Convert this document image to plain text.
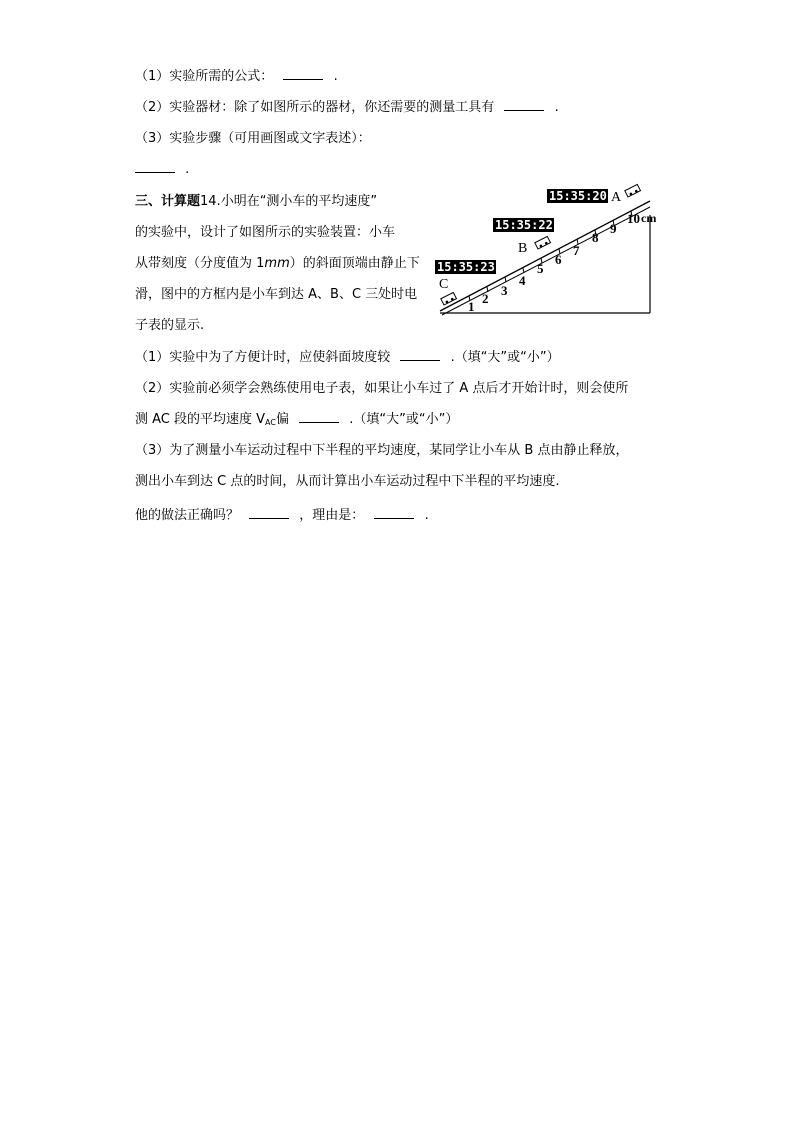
（1）实验所需的公式：	.
（2）实验器材：除了如图所示的器材，你还需要的测量工具有	.
（3）实验步骤（可用画图或文字表述）：
.
三、计算题14.小明在“测小车的平均速度”
的实验中，设计了如图所示的实验装置：小车
从带刻度（分度值为 1mm）的斜面顶端由静止下
滑，图中的方框内是小车到达 A、B、C 三处时电
子表的显示.
（1）实验中为了方便计时，应使斜面坡度较	.（填“大”或“小”）
（2）实验前必须学会熟练使用电子表，如果让小车过了 A 点后才开始计时，则会使所
测 AC 段的平均速度 $V_{AC}$偏	.（填“大”或“小”）
（3）为了测量小车运动过程中下半程的平均速度，某同学让小车从 B 点由静止释放，
测出小车到达 C 点的时间，从而计算出小车运动过程中下半程的平均速度.
他的做法正确吗？	，理由是：	.
1
2
3
4
5
6
7
8
9
10 cm
A
B
C
15:35:20
15:35:22
15:35:23
